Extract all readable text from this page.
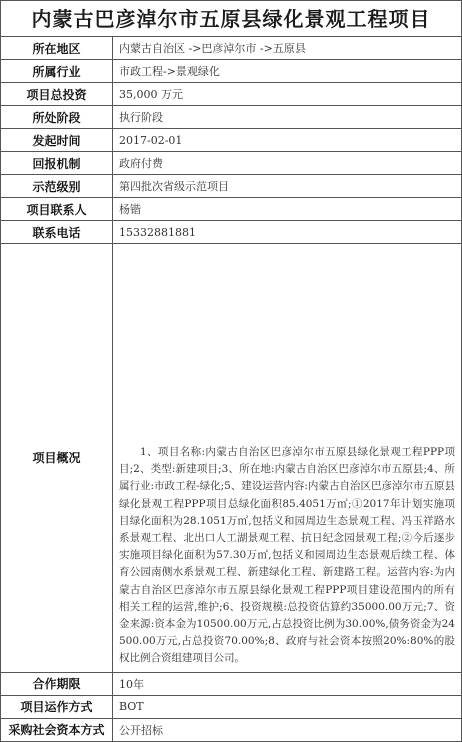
内蒙古巴彦淖尔市五原县绿化景观工程项目
所在地区	内蒙古自治区 ->巴彦淖尔市 ->五原县
所属行业	市政工程->景观绿化
项目总投资	35,000 万元
所处阶段	执行阶段
发起时间	2017-02-01
回报机制	政府付费
示范级别	第四批次省级示范项目
项目联系人	杨锴
联系电话	15332881881
项目概况	1、项目名称:内蒙古自治区巴彦淖尔市五原县绿化景观工程PPP项目;2、类型:新建项目;3、所在地:内蒙古自治区巴彦淖尔市五原县;4、所属行业:市政工程-绿化;5、建设运营内容:内蒙古自治区巴彦淖尔市五原县绿化景观工程PPP项目总绿化面积85.4051万㎡;①2017年计划实施项目绿化面积为28.1051万㎡,包括义和园周边生态景观工程、冯玉祥路水系景观工程、北出口人工湖景观工程、抗日纪念园景观工程;②今后逐步实施项目绿化面积为57.30万㎡,包括义和园周边生态景观后续工程、体育公园南侧水系景观工程、新建绿化工程、新建路工程。运营内容:为内蒙古自治区巴彦淖尔市五原县绿化景观工程PPP项目建设范围内的所有相关工程的运营,维护;6、投资规模:总投资估算约35000.00万元;7、资金来源:资本金为10500.00万元,占总投资比例为30.00%,债务资金为24500.00万元,占总投资70.00%;8、政府与社会资本按照20%:80%的股权比例合资组建项目公司。

合作期限	10年
项目运作方式	BOT
采购社会资本方式	公开招标
